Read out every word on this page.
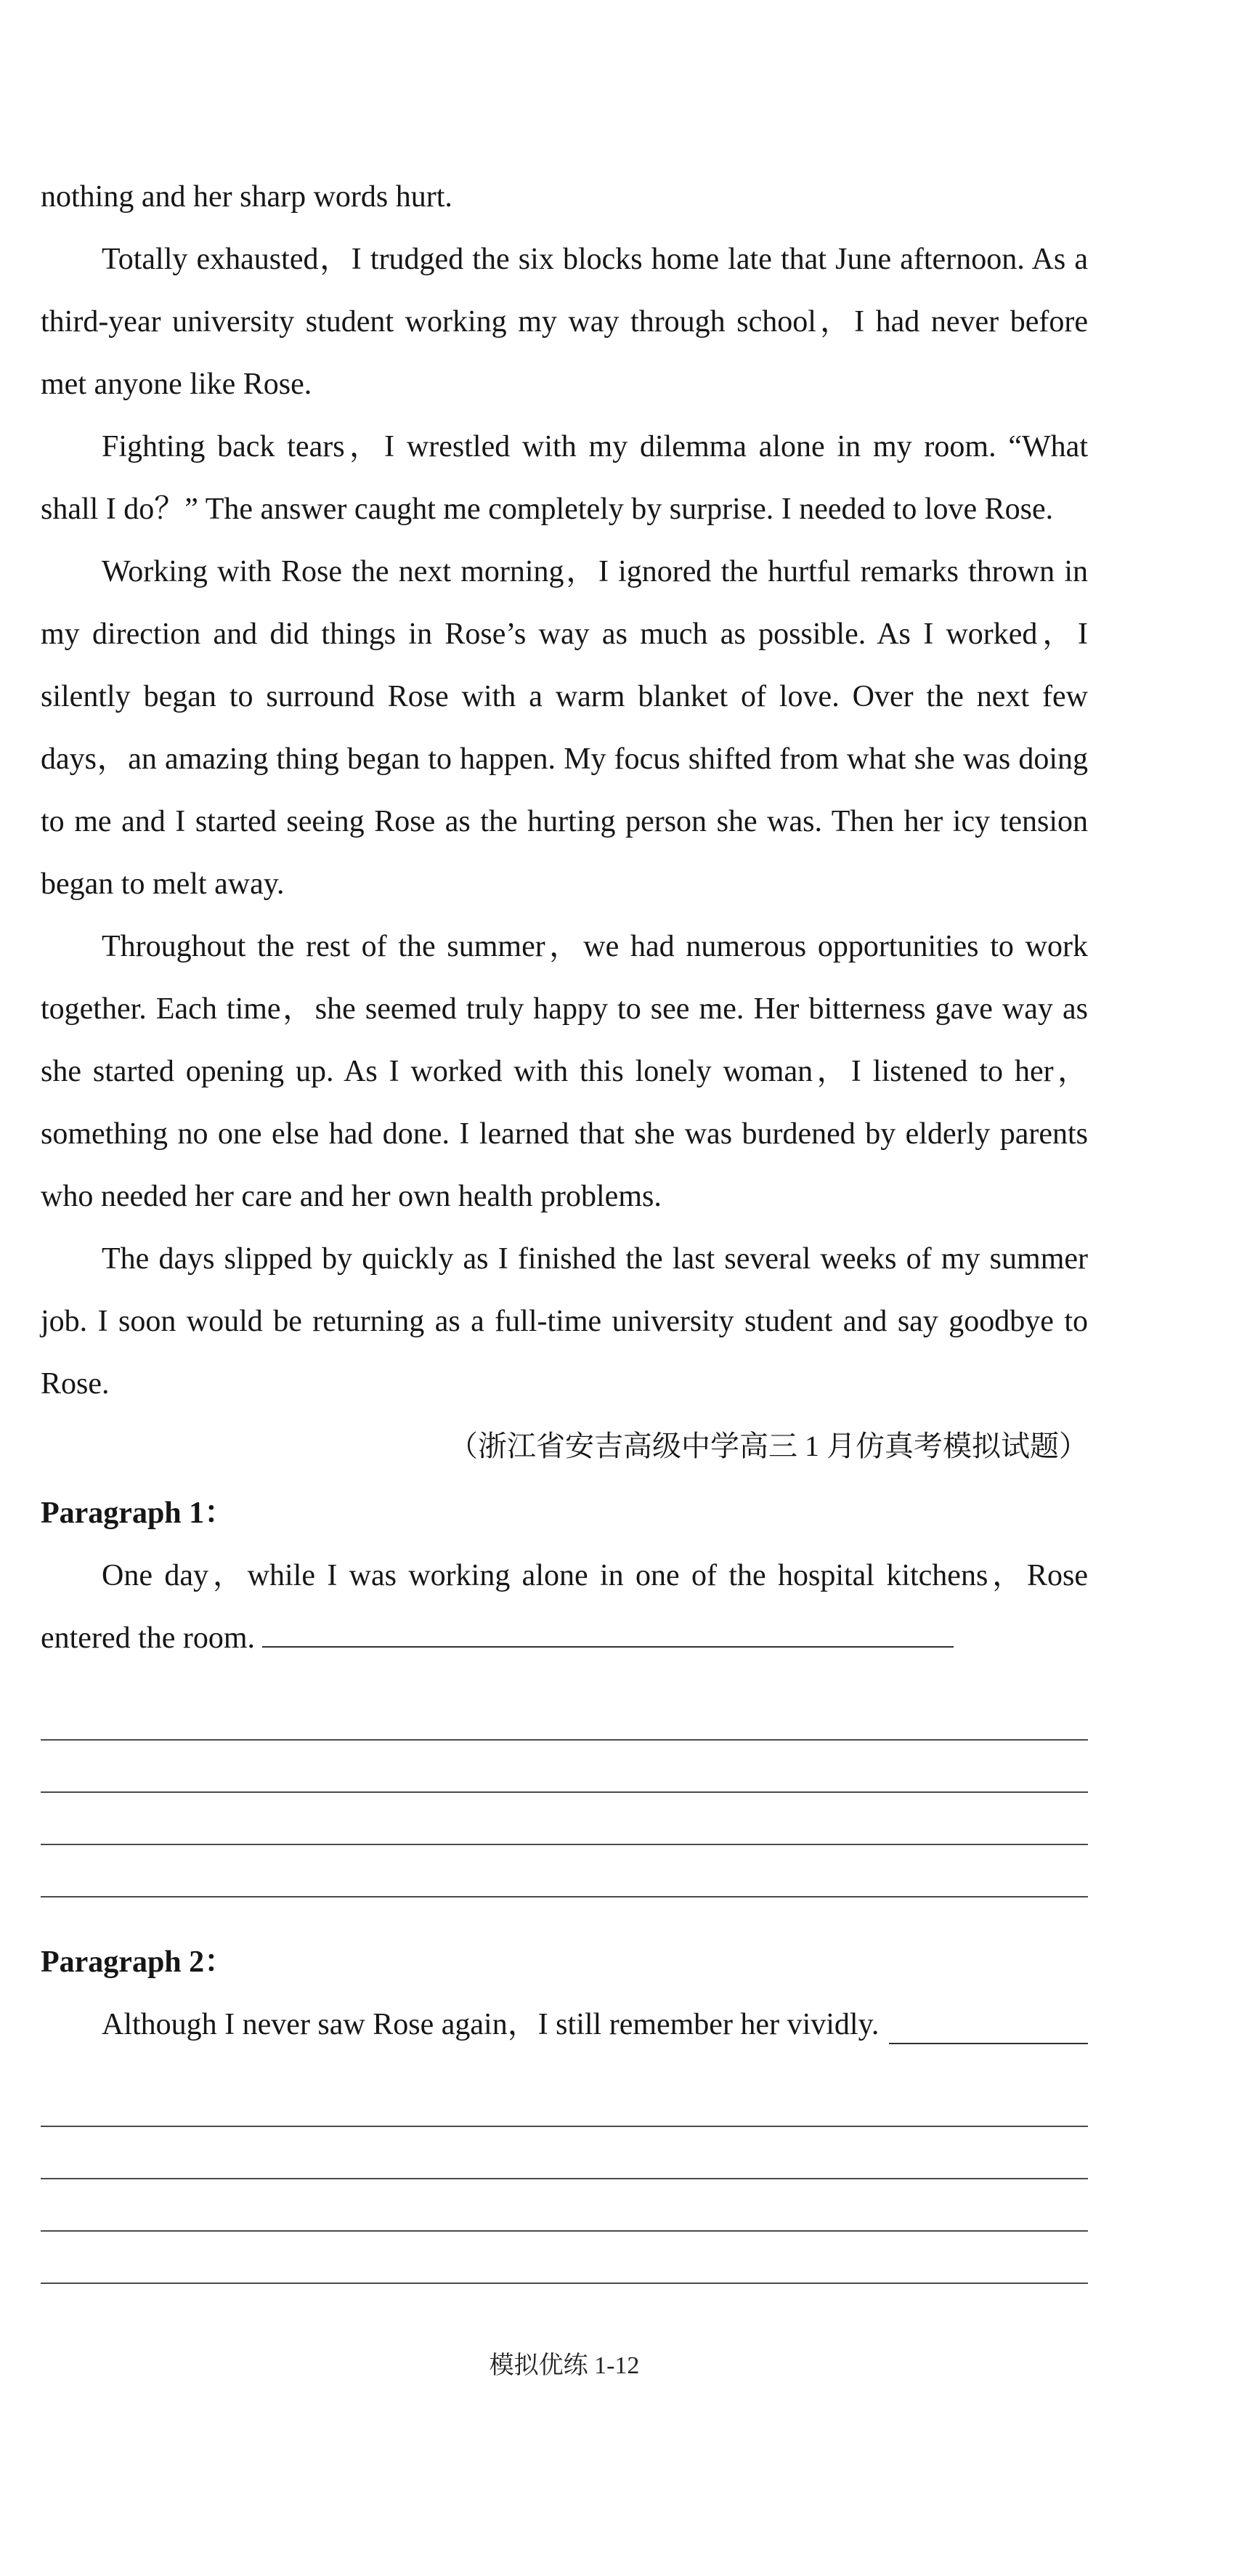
nothing and her sharp words hurt.

Totally exhausted，I trudged the six blocks home late that June afternoon. As a third-year university student working my way through school，I had never before met anyone like Rose.

Fighting back tears，I wrestled with my dilemma alone in my room. “What shall I do？” The answer caught me completely by surprise. I needed to love Rose.

Working with Rose the next morning，I ignored the hurtful remarks thrown in my direction and did things in Rose’s way as much as possible. As I worked，I silently began to surround Rose with a warm blanket of love. Over the next few days，an amazing thing began to happen. My focus shifted from what she was doing to me and I started seeing Rose as the hurting person she was. Then her icy tension began to melt away.

Throughout the rest of the summer，we had numerous opportunities to work together. Each time，she seemed truly happy to see me. Her bitterness gave way as she started opening up. As I worked with this lonely woman，I listened to her，something no one else had done. I learned that she was burdened by elderly parents who needed her care and her own health problems.

The days slipped by quickly as I finished the last several weeks of my summer job. I soon would be returning as a full-time university student and say goodbye to Rose.

（浙江省安吉高级中学高三 1 月仿真考模拟试题）

Paragraph 1：

One day，while I was working alone in one of the hospital kitchens，Rose entered the room.

Paragraph 2：

Although I never saw Rose again，I still remember her vividly.
模拟优练 1-12
